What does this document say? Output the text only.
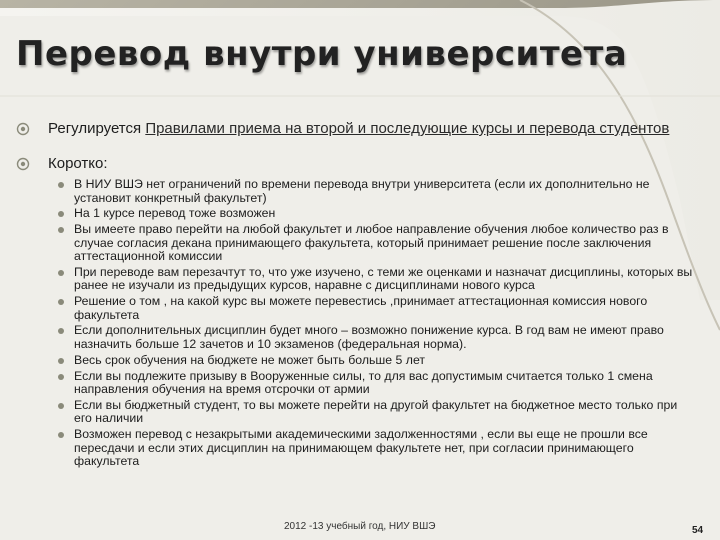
Перевод внутри университета
Регулируется Правилами приема на второй и последующие курсы и перевода студентов
Коротко:
В НИУ ВШЭ нет ограничений по времени перевода внутри университета (если их дополнительно не установит конкретный факультет)
На 1 курсе перевод тоже возможен
Вы имеете право перейти на любой факультет и любое направление обучения любое количество раз в случае согласия декана принимающего факультета, который принимает решение после заключения аттестационной комиссии
При переводе вам перезачтут то, что уже изучено, с теми же оценками и назначат дисциплины, которых вы ранее не изучали из предыдущих курсов, наравне с дисциплинами нового курса
Решение о том , на какой курс вы можете перевестись ,принимает аттестационная комиссия нового факультета
Если дополнительных дисциплин будет много – возможно понижение курса. В год вам не имеют право назначить больше 12 зачетов и 10 экзаменов (федеральная норма).
Весь срок обучения на бюджете не может быть больше 5 лет
Если вы подлежите призыву в Вооруженные силы, то для вас допустимым считается только 1 смена направления обучения на время отсрочки от армии
Если вы бюджетный студент, то вы можете перейти на другой факультет на бюджетное место только при его наличии
Возможен перевод с незакрытыми академическими задолженностями , если вы еще не прошли все пересдачи и если этих дисциплин на принимающем факультете нет, при согласии принимающего факультета
2012 -13 учебный год, НИУ ВШЭ	54
